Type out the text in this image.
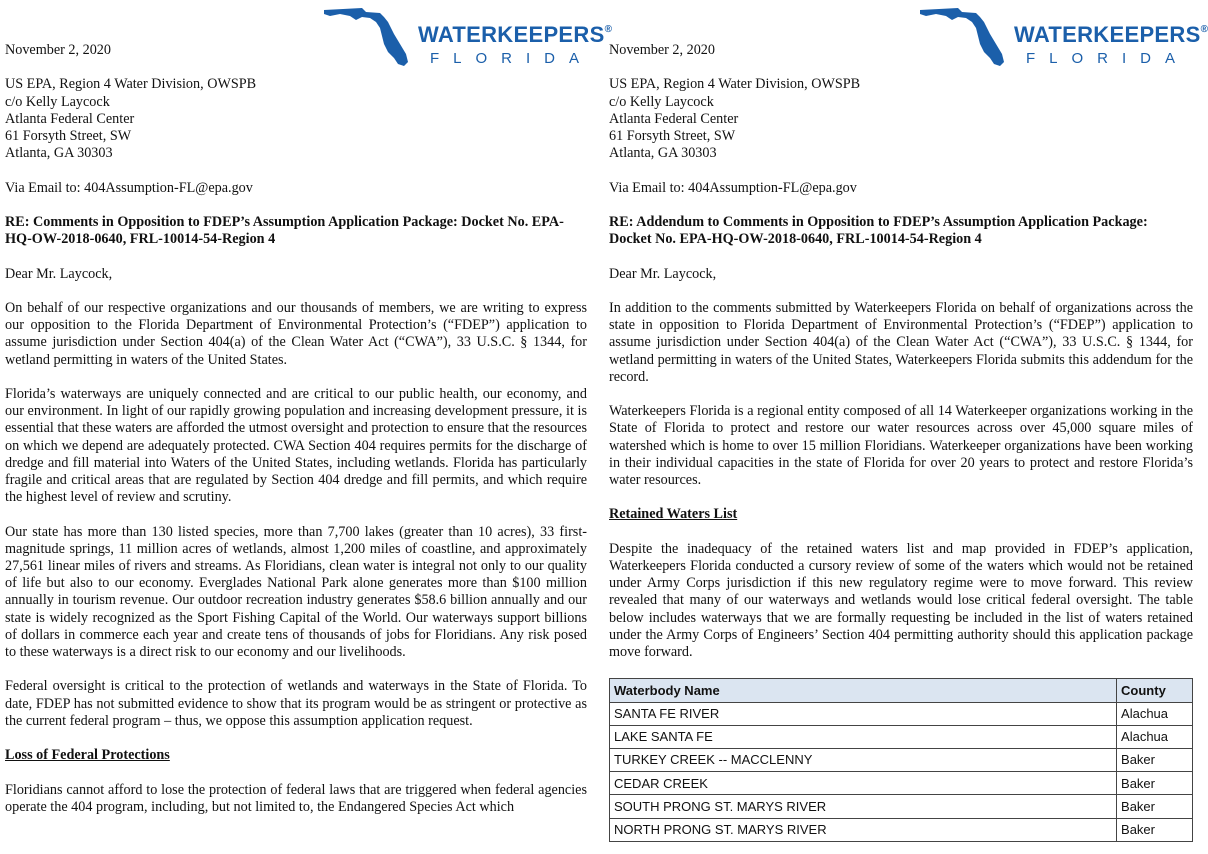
WATERKEEPERS®
FLORIDA

November 2, 2020

US EPA, Region 4 Water Division, OWSPB

c/o Kelly Laycock

Atlanta Federal Center

61 Forsyth Street, SW

Atlanta, GA 30303

Via Email to: 404Assumption-FL@epa.gov

RE: Comments in Opposition to FDEP’s Assumption Application Package: Docket No. EPA-HQ-OW-2018-0640, FRL-10014-54-Region 4

Dear Mr. Laycock,

On behalf of our respective organizations and our thousands of members, we are writing to express our opposition to the Florida Department of Environmental Protection’s (“FDEP”) application to assume jurisdiction under Section 404(a) of the Clean Water Act (“CWA”), 33 U.S.C. § 1344, for wetland permitting in waters of the United States.

Florida’s waterways are uniquely connected and are critical to our public health, our economy, and our environment. In light of our rapidly growing population and increasing development pressure, it is essential that these waters are afforded the utmost oversight and protection to ensure that the resources on which we depend are adequately protected. CWA Section 404 requires permits for the discharge of dredge and fill material into Waters of the United States, including wetlands. Florida has particularly fragile and critical areas that are regulated by Section 404 dredge and fill permits, and which require the highest level of review and scrutiny.

Our state has more than 130 listed species, more than 7,700 lakes (greater than 10 acres), 33 first-magnitude springs, 11 million acres of wetlands, almost 1,200 miles of coastline, and approximately 27,561 linear miles of rivers and streams. As Floridians, clean water is integral not only to our quality of life but also to our economy. Everglades National Park alone generates more than $100 million annually in tourism revenue. Our outdoor recreation industry generates $58.6 billion annually and our state is widely recognized as the Sport Fishing Capital of the World. Our waterways support billions of dollars in commerce each year and create tens of thousands of jobs for Floridians. Any risk posed to these waterways is a direct risk to our economy and our livelihoods.

Federal oversight is critical to the protection of wetlands and waterways in the State of Florida. To date, FDEP has not submitted evidence to show that its program would be as stringent or protective as the current federal program – thus, we oppose this assumption application request.

Loss of Federal Protections

Floridians cannot afford to lose the protection of federal laws that are triggered when federal agencies operate the 404 program, including, but not limited to, the Endangered Species Act which

WATERKEEPERS®
FLORIDA

November 2, 2020

US EPA, Region 4 Water Division, OWSPB

c/o Kelly Laycock

Atlanta Federal Center

61 Forsyth Street, SW

Atlanta, GA 30303

Via Email to: 404Assumption-FL@epa.gov

RE: Addendum to Comments in Opposition to FDEP’s Assumption Application Package: Docket No. EPA-HQ-OW-2018-0640, FRL-10014-54-Region 4

Dear Mr. Laycock,

In addition to the comments submitted by Waterkeepers Florida on behalf of organizations across the state in opposition to Florida Department of Environmental Protection’s (“FDEP”) application to assume jurisdiction under Section 404(a) of the Clean Water Act (“CWA”), 33 U.S.C. § 1344, for wetland permitting in waters of the United States, Waterkeepers Florida submits this addendum for the record.

Waterkeepers Florida is a regional entity composed of all 14 Waterkeeper organizations working in the State of Florida to protect and restore our water resources across over 45,000 square miles of watershed which is home to over 15 million Floridians. Waterkeeper organizations have been working in their individual capacities in the state of Florida for over 20 years to protect and restore Florida’s water resources.

Retained Waters List

Despite the inadequacy of the retained waters list and map provided in FDEP’s application, Waterkeepers Florida conducted a cursory review of some of the waters which would not be retained under Army Corps jurisdiction if this new regulatory regime were to move forward. This review revealed that many of our waterways and wetlands would lose critical federal oversight. The table below includes waterways that we are formally requesting be included in the list of waters retained under the Army Corps of Engineers’ Section 404 permitting authority should this application package move forward.

Waterbody Name	County
SANTA FE RIVER	Alachua
LAKE SANTA FE	Alachua
TURKEY CREEK -- MACCLENNY	Baker
CEDAR CREEK	Baker
SOUTH PRONG ST. MARYS RIVER	Baker
NORTH PRONG ST. MARYS RIVER	Baker
